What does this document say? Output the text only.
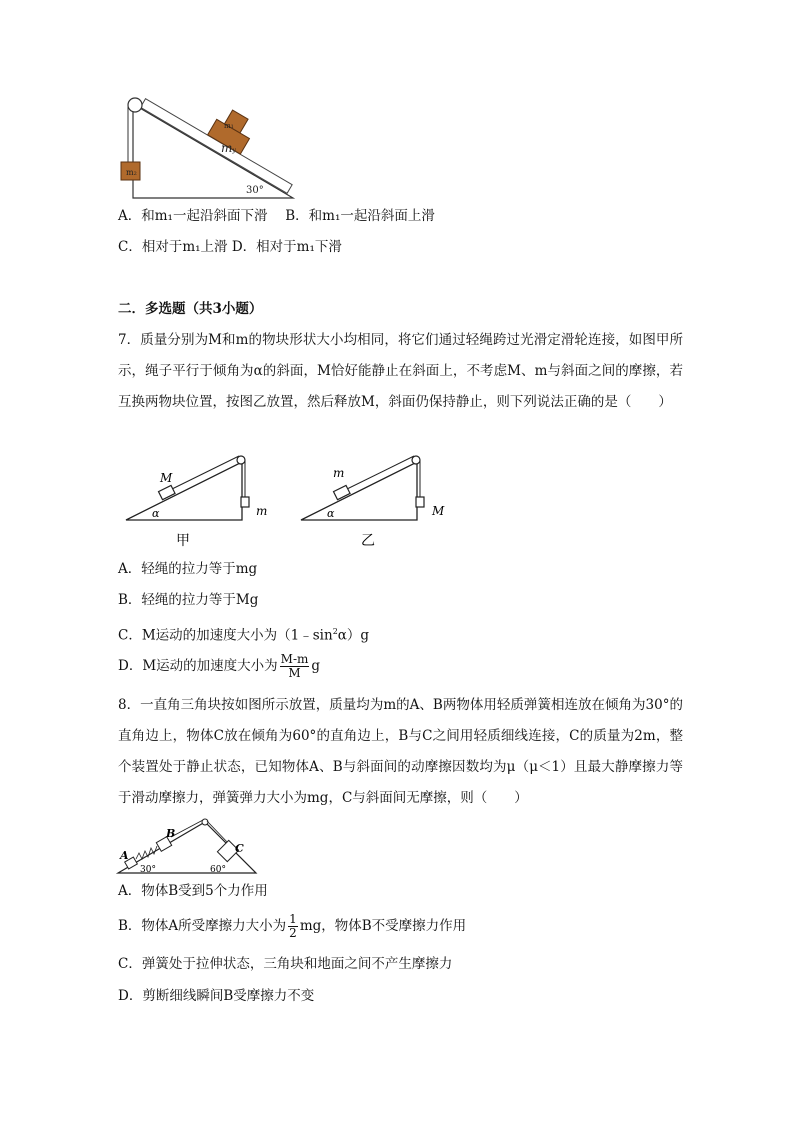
m2
m1
my
30°
A．和m₁一起沿斜面下滑　 B．和m₁一起沿斜面上滑
C．相对于m₁上滑 D．相对于m₁下滑
二．多选题（共3小题）
7．质量分别为M和m的物块形状大小均相同，将它们通过轻绳跨过光滑定滑轮连接，如图甲所示，绳子平行于倾角为α的斜面，M恰好能静止在斜面上，不考虑M、m与斜面之间的摩擦，若互换两物块位置，按图乙放置，然后释放M，斜面仍保持静止，则下列说法正确的是（　　）
M
m
α
甲
m
M
α
乙
A．轻绳的拉力等于mg
B．轻绳的拉力等于Mg
C．M运动的加速度大小为$(1﹣\sin^2\alpha)g$
D．M运动的加速度大小为 $\frac{M-m}{M}$ g
8．一直角三角块按如图所示放置，质量均为m的A、B两物体用轻质弹簧相连放在倾角为30°的直角边上，物体C放在倾角为60°的直角边上，B与C之间用轻质细线连接，C的质量为2m，整个装置处于静止状态，已知物体A、B与斜面间的动摩擦因数均为μ（μ＜1）且最大静摩擦力等于滑动摩擦力，弹簧弹力大小为mg，C与斜面间无摩擦，则（　　）
A
B
C
30°	60°
A．物体B受到5个力作用
B．物体A所受摩擦力大小为 $\frac{1}{2}$ mg，物体B不受摩擦力作用
C．弹簧处于拉伸状态，三角块和地面之间不产生摩擦力
D．剪断细线瞬间B受摩擦力不变
